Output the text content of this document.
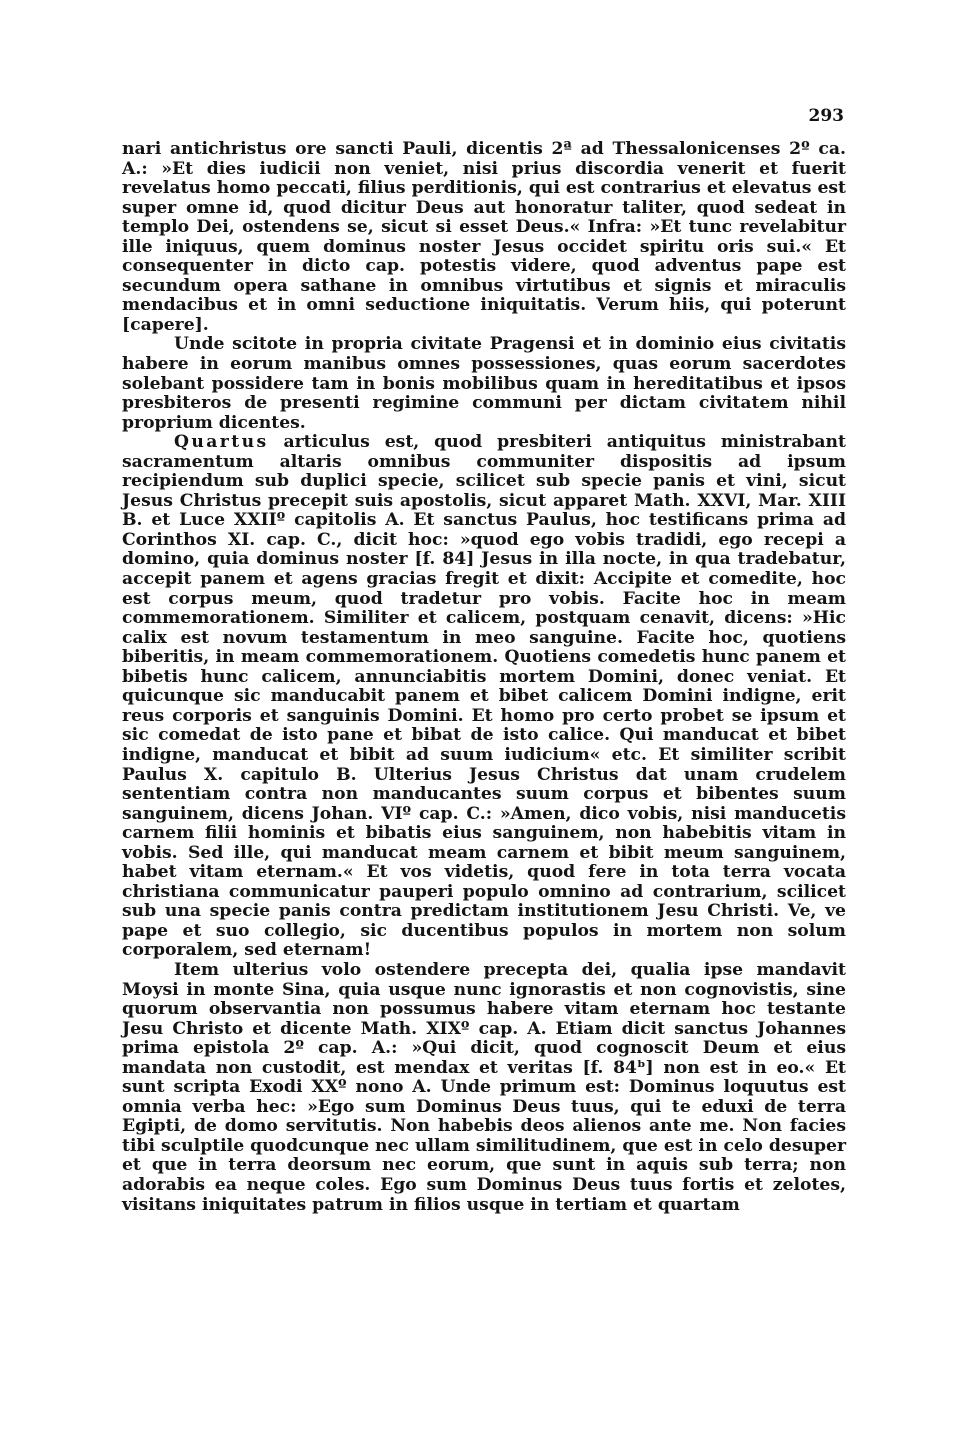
293

nari antichristus ore sancti Pauli, dicentis 2ª ad Thessalonicenses 2º ca. A.: »Et dies iudicii non veniet, nisi prius discordia venerit et fuerit revelatus homo peccati, filius perditionis, qui est contrarius et elevatus est super omne id, quod dicitur Deus aut honoratur taliter, quod sedeat in templo Dei, ostendens se, sicut si esset Deus.« Infra: »Et tunc revelabitur ille iniquus, quem dominus noster Jesus occidet spiritu oris sui.« Et consequenter in dicto cap. potestis videre, quod adventus pape est secundum opera sathane in omnibus virtutibus et signis et miraculis mendacibus et in omni seductione iniquitatis. Verum hiis, qui poterunt [capere].

Unde scitote in propria civitate Pragensi et in dominio eius civitatis habere in eorum manibus omnes possessiones, quas eorum sacerdotes solebant possidere tam in bonis mobilibus quam in hereditatibus et ipsos presbiteros de presenti regimine communi per dictam civitatem nihil proprium dicentes.

Quartus articulus est, quod presbiteri antiquitus ministrabant sacramentum altaris omnibus communiter dispositis ad ipsum recipiendum sub duplici specie, scilicet sub specie panis et vini, sicut Jesus Christus precepit suis apostolis, sicut apparet Math. XXVI, Mar. XIII B. et Luce XXIIº capitolis A. Et sanctus Paulus, hoc testificans prima ad Corinthos XI. cap. C., dicit hoc: »quod ego vobis tradidi, ego recepi a domino, quia dominus noster [f. 84] Jesus in illa nocte, in qua tradebatur, accepit panem et agens gracias fregit et dixit: Accipite et comedite, hoc est corpus meum, quod tradetur pro vobis. Facite hoc in meam commemorationem. Similiter et calicem, postquam cenavit, dicens: »Hic calix est novum testamentum in meo sanguine. Facite hoc, quotiens biberitis, in meam commemorationem. Quotiens comedetis hunc panem et bibetis hunc calicem, annunciabitis mortem Domini, donec veniat. Et quicunque sic manducabit panem et bibet calicem Domini indigne, erit reus corporis et sanguinis Domini. Et homo pro certo probet se ipsum et sic comedat de isto pane et bibat de isto calice. Qui manducat et bibet indigne, manducat et bibit ad suum iudicium« etc. Et similiter scribit Paulus X. capitulo B. Ulterius Jesus Christus dat unam crudelem sententiam contra non manducantes suum corpus et bibentes suum sanguinem, dicens Johan. VIº cap. C.: »Amen, dico vobis, nisi manducetis carnem filii hominis et bibatis eius sanguinem, non habebitis vitam in vobis. Sed ille, qui manducat meam carnem et bibit meum sanguinem, habet vitam eternam.« Et vos videtis, quod fere in tota terra vocata christiana communicatur pauperi populo omnino ad contrarium, scilicet sub una specie panis contra predictam institutionem Jesu Christi. Ve, ve pape et suo collegio, sic ducentibus populos in mortem non solum corporalem, sed eternam!

Item ulterius volo ostendere precepta dei, qualia ipse mandavit Moysi in monte Sina, quia usque nunc ignorastis et non cognovistis, sine quorum observantia non possumus habere vitam eternam hoc testante Jesu Christo et dicente Math. XIXº cap. A. Etiam dicit sanctus Johannes prima epistola 2º cap. A.: »Qui dicit, quod cognoscit Deum et eius mandata non custodit, est mendax et veritas [f. 84ᵇ] non est in eo.« Et sunt scripta Exodi XXº nono A. Unde primum est: Dominus loquutus est omnia verba hec: »Ego sum Dominus Deus tuus, qui te eduxi de terra Egipti, de domo servitutis. Non habebis deos alienos ante me. Non facies tibi sculptile quodcunque nec ullam similitudinem, que est in celo desuper et que in terra deorsum nec eorum, que sunt in aquis sub terra; non adorabis ea neque coles. Ego sum Dominus Deus tuus fortis et zelotes, visitans iniquitates patrum in filios usque in tertiam et quartam
